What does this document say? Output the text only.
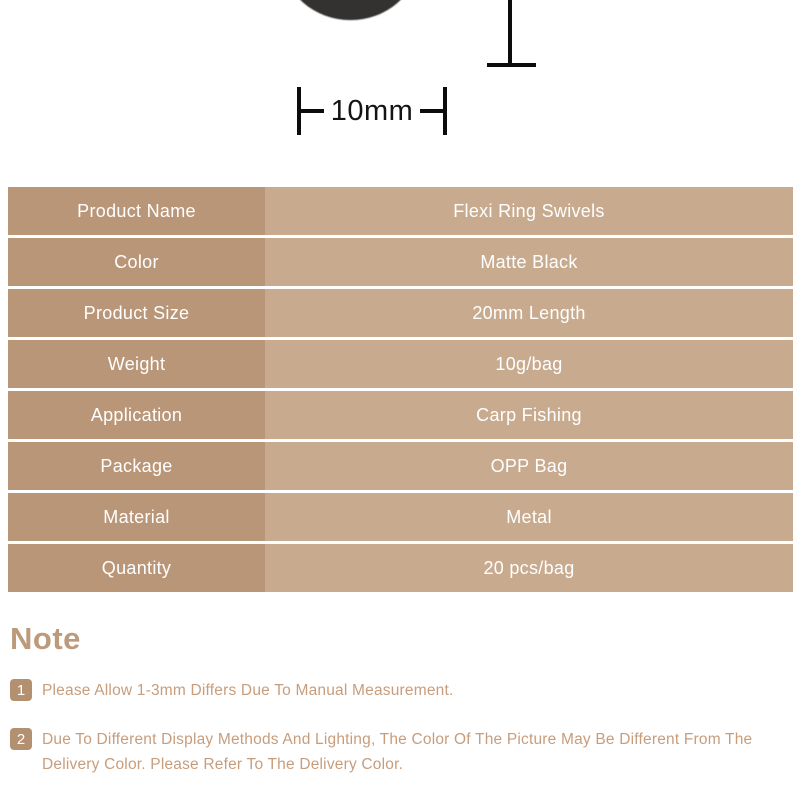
10mm
Product Name	Flexi Ring Swivels
Color	Matte Black
Product Size	20mm Length
Weight	10g/bag
Application	Carp Fishing
Package	OPP Bag
Material	Metal
Quantity	20 pcs/bag
Note
1	Please Allow 1-3mm Differs Due To Manual Measurement.

2	Due To Different Display Methods And Lighting, The Color Of The Picture May Be Different From The Delivery Color. Please Refer To The Delivery Color.
